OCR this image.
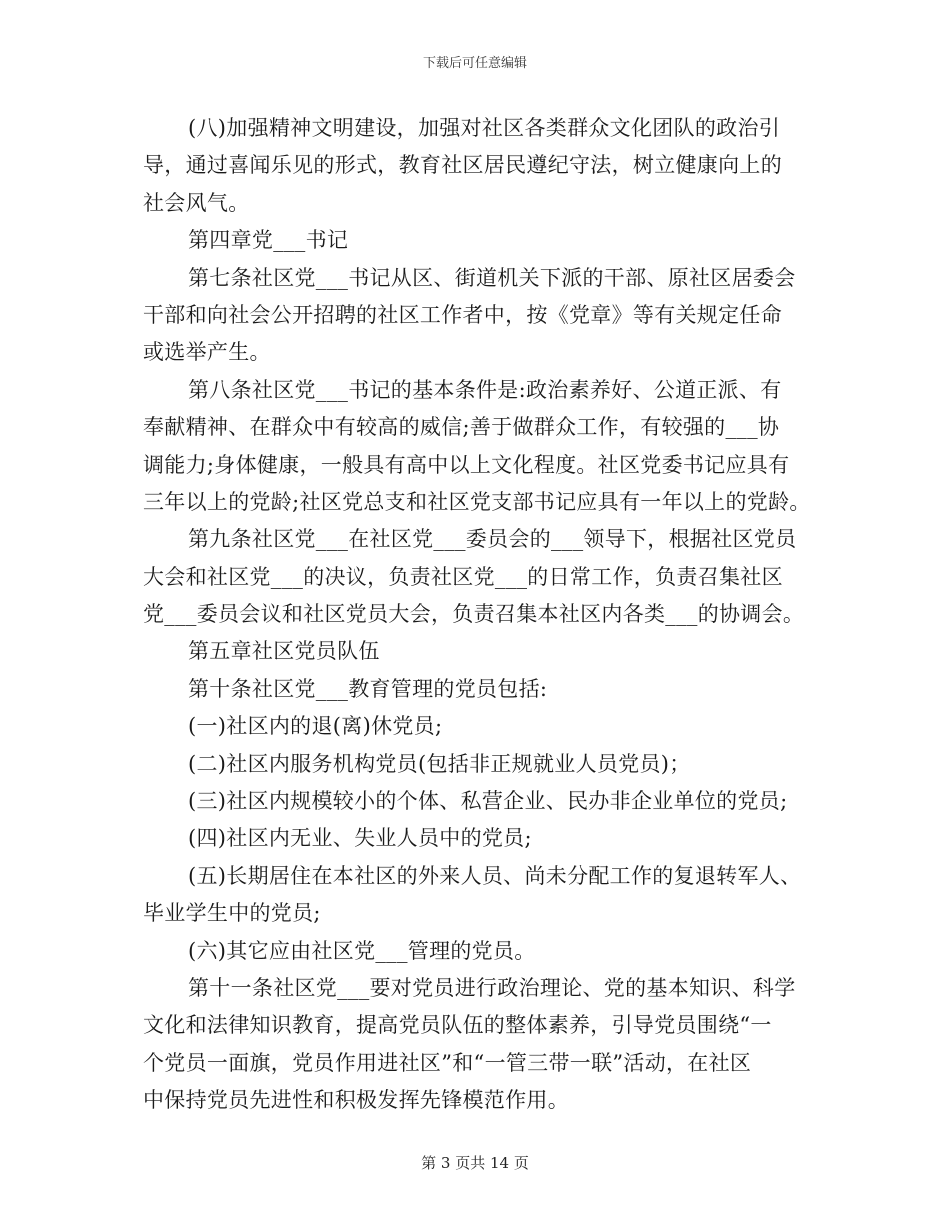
下载后可任意编辑
(八)加强精神文明建设，加强对社区各类群众文化团队的政治引
导，通过喜闻乐见的形式，教育社区居民遵纪守法，树立健康向上的
社会风气。
第四章党___书记
第七条社区党___书记从区、街道机关下派的干部、原社区居委会
干部和向社会公开招聘的社区工作者中，按《党章》等有关规定任命
或选举产生。
第八条社区党___书记的基本条件是:政治素养好、公道正派、有
奉献精神、在群众中有较高的威信;善于做群众工作，有较强的___协
调能力;身体健康，一般具有高中以上文化程度。社区党委书记应具有
三年以上的党龄;社区党总支和社区党支部书记应具有一年以上的党龄。
第九条社区党___在社区党___委员会的___领导下，根据社区党员
大会和社区党___的决议，负责社区党___的日常工作，负责召集社区
党___委员会议和社区党员大会，负责召集本社区内各类___的协调会。
第五章社区党员队伍
第十条社区党___教育管理的党员包括:
(一)社区内的退(离)休党员;
(二)社区内服务机构党员(包括非正规就业人员党员)；
(三)社区内规模较小的个体、私营企业、民办非企业单位的党员;
(四)社区内无业、失业人员中的党员;
(五)长期居住在本社区的外来人员、尚未分配工作的复退转军人、
毕业学生中的党员;
(六)其它应由社区党___管理的党员。
第十一条社区党___要对党员进行政治理论、党的基本知识、科学
文化和法律知识教育，提高党员队伍的整体素养，引导党员围绕“一
个党员一面旗，党员作用进社区”和“一管三带一联”活动，在社区
中保持党员先进性和积极发挥先锋模范作用。
第 3 页共 14 页
